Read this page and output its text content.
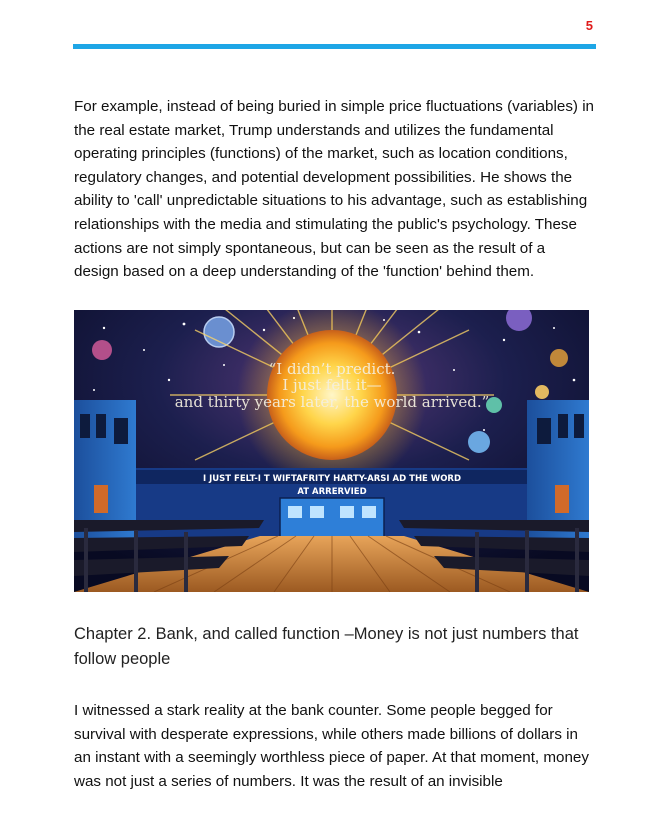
5

For example, instead of being buried in simple price fluctuations (variables) in the real estate market, Trump understands and utilizes the fundamental operating principles (functions) of the market, such as location conditions, regulatory changes, and potential development possibilities. He shows the ability to 'call' unpredictable situations to his advantage, such as establishing relationships with the media and stimulating the public's psychology. These actions are not simply spontaneous, but can be seen as the result of a design based on a deep understanding of the 'function' behind them.

“I didn’t predict.
I just felt it—
and thirty years later, the world arrived.”
I JUST FELT-I T WIFTAFRITY HARTY-ARSI AD THE WORD
AT ARRERVIED
Chapter 2. Bank, and called function –Money is not just numbers that follow people

I witnessed a stark reality at the bank counter. Some people begged for survival with desperate expressions, while others made billions of dollars in an instant with a seemingly worthless piece of paper. At that moment, money was not just a series of numbers. It was the result of an invisible
